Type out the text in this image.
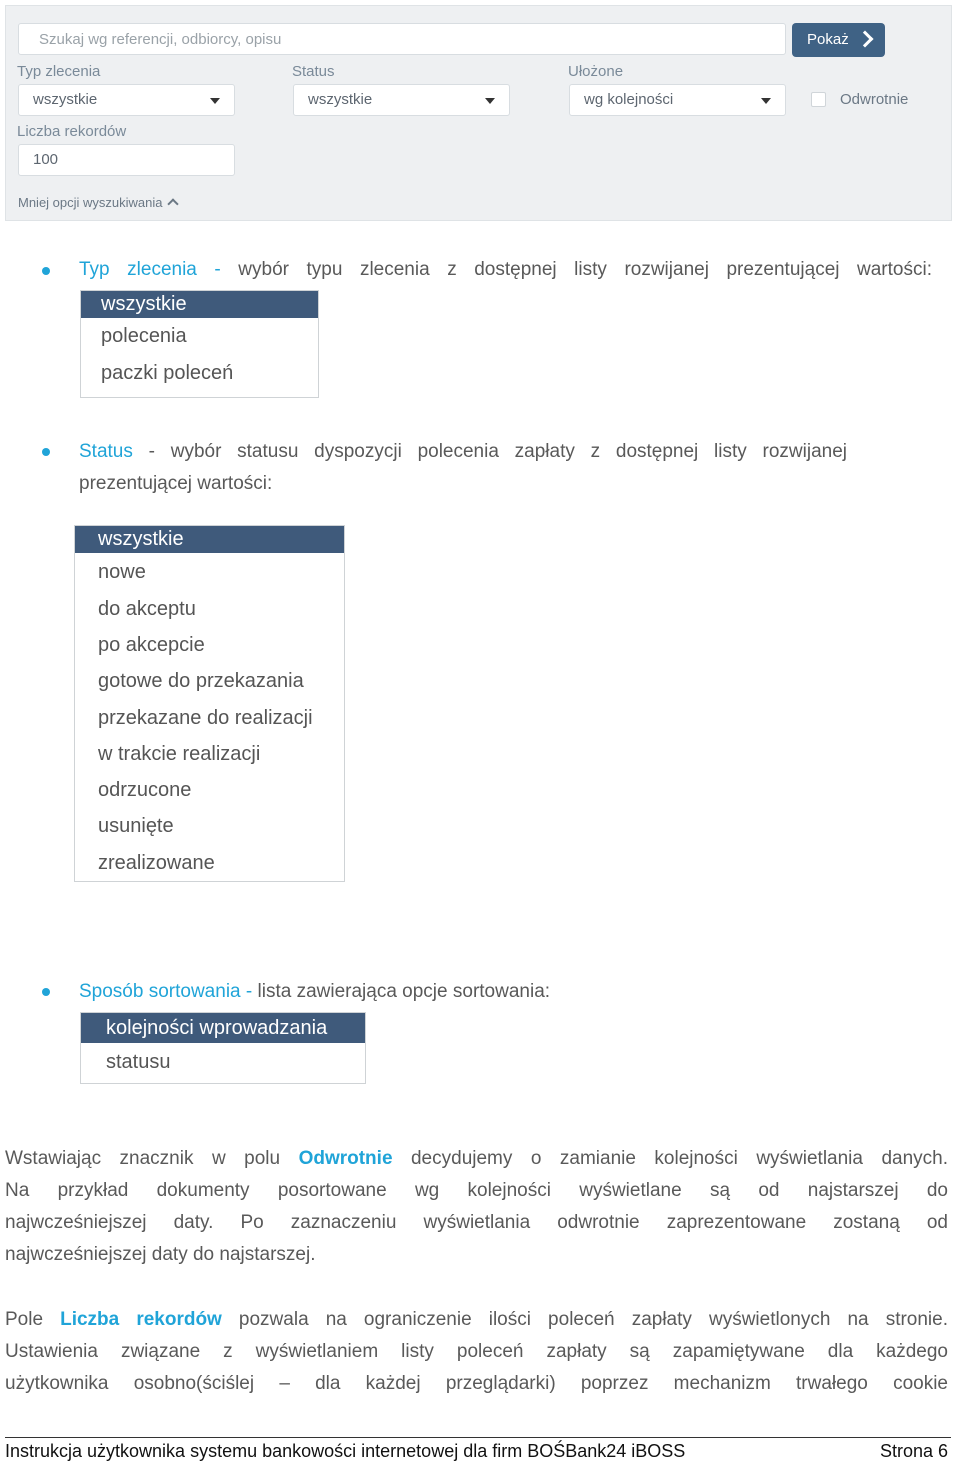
Szukaj wg referencji, odbiorcy, opisu
Pokaż
Typ zlecenia
wszystkie
Status
wszystkie
Ułożone
wg kolejności	Odwrotnie
Liczba rekordów
100
Mniej opcji wyszukiwania
Typ zlecenia - wybór typu zlecenia z dostępnej listy rozwijanej prezentującej wartości:
wszystkie
polecenia
paczki poleceń
Status - wybór statusu dyspozycji polecenia zapłaty z dostępnej listy rozwijanej
prezentującej wartości:
wszystkie
nowe
do akceptu
po akcepcie
gotowe do przekazania
przekazane do realizacji
w trakcie realizacji
odrzucone
usunięte
zrealizowane
Sposób sortowania - lista zawierająca opcje sortowania:
kolejności wprowadzania
statusu
Wstawiając znacznik w polu Odwrotnie decydujemy o zamianie kolejności wyświetlania danych.
Na przykład dokumenty posortowane wg kolejności wyświetlane są od najstarszej do
najwcześniejszej daty. Po zaznaczeniu wyświetlania odwrotnie zaprezentowane zostaną od
najwcześniejszej daty do najstarszej.
Pole Liczba rekordów pozwala na ograniczenie ilości poleceń zapłaty wyświetlonych na stronie.
Ustawienia związane z wyświetlaniem listy poleceń zapłaty są zapamiętywane dla każdego
użytkownika osobno(ściślej – dla każdej przeglądarki) poprzez mechanizm trwałego cookie
Instrukcja użytkownika systemu bankowości internetowej dla firm BOŚBank24 iBOSS	Strona 6
